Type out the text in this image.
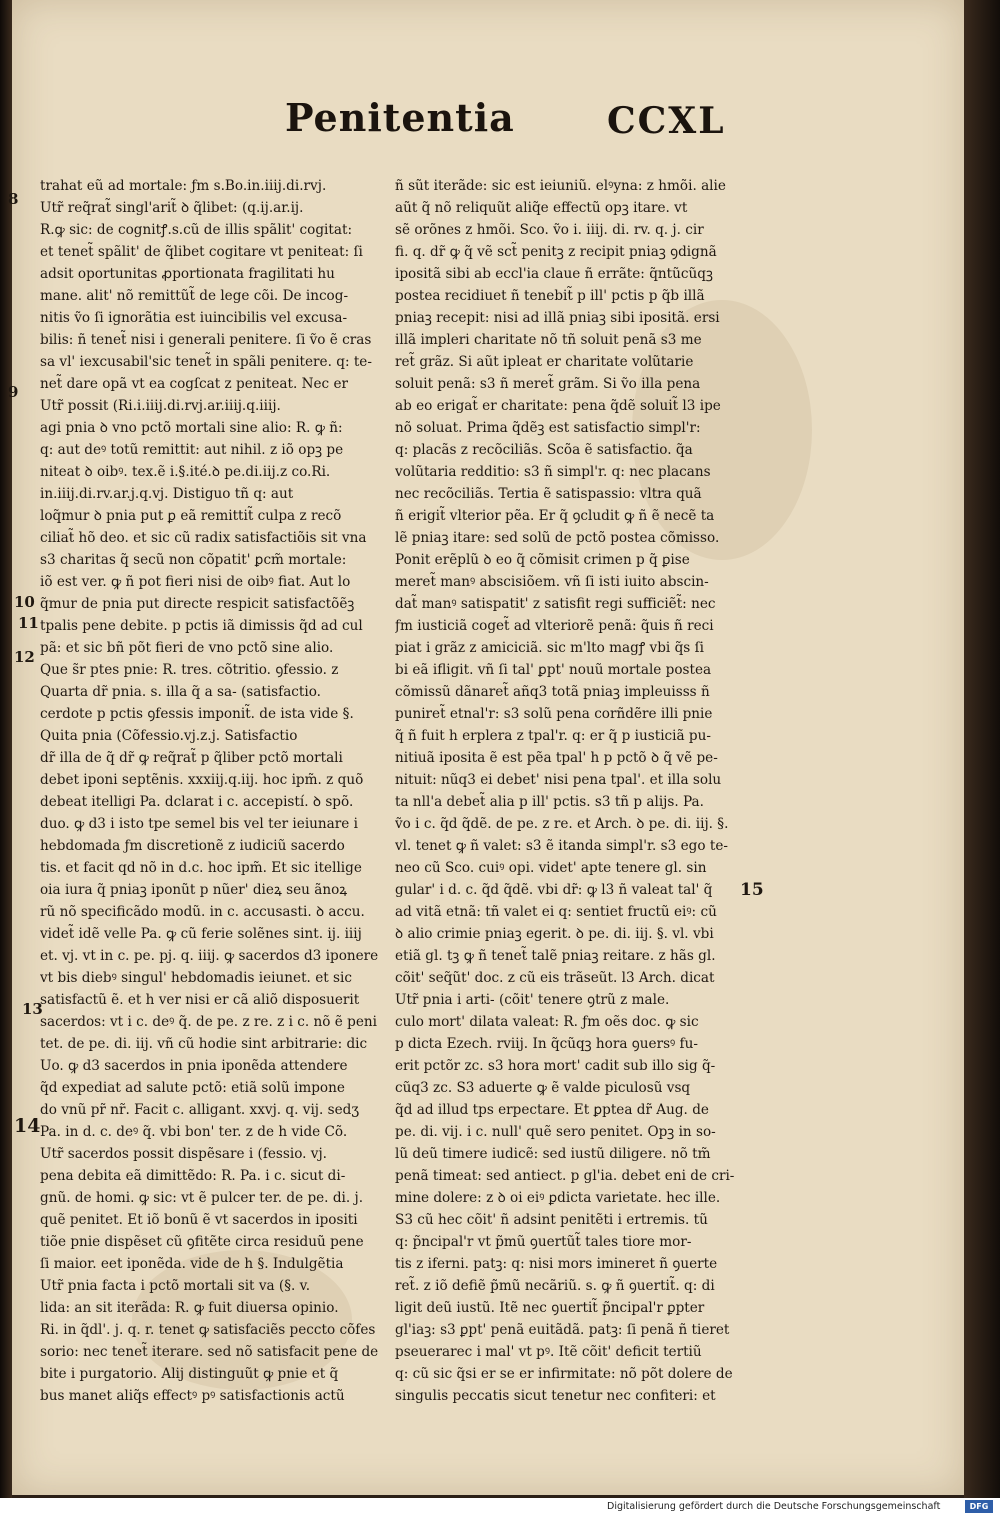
Penitentia	CCXL
8
9
10
11
12
13
14
15
trahat eũ ad mortale: ƒm s.Bo.in.iiij.di.rvj.
Utr̃ req̃rat̃ singl'arit̃ ꝺ q̃libet: (q.ij.ar.ij.
R.ꝙ sic: de cognitꝭ.s.cũ de illis spãlit' cogitat:
et tenet̃ spãlit' de q̃libet cogitare vt peniteat: ſi
adsit oportunitas ꝓportionata fragilitati hu
mane. alit' nõ remittũt̃ de lege cõi. De incog-
nitis ṽo ſi ignorãtia est iuincibilis vel excusa-
bilis: ñ tenet̃ nisi i generali penitere. ſi ṽo ẽ cras
sa vl' iexcusabil'sic tenet̃ in spãli penitere. q: te-
net̃ dare opã vt ea cogſcat z peniteat. Nec er
Utr̃ possit (Ri.i.iiij.di.rvj.ar.iiij.q.iiij.
agi pnia ꝺ vno pctõ mortali sine alio: R. ꝙ ñ:
q: aut deꝰ totũ remittit: aut nihil. z iõ opꝫ pe
niteat ꝺ oibꝰ. tex.ẽ i.§.ité.ꝺ pe.di.iij.z co.Ri.
in.iiij.di.rv.ar.j.q.vj. Distiguo tñ q: aut
loq̃mur ꝺ pnia put ꝑ eã remittit̃ culpa z recõ
ciliat̃ hõ deo. et sic cũ radix satisfactiõis sit vna
s3 charitas q̃ secũ non cõpatit' ꝑcm̃ mortale:
iõ est ver. ꝙ ñ pot fieri nisi de oibꝰ fiat. Aut lo
q̃mur de pnia put directe respicit satisfactõẽꝫ
tpalis pene debite. p pctis iã dimissis q̃d ad cul
pã: et sic bñ põt fieri de vno pctõ sine alio.
Que s̃r ptes pnie: R. tres. cõtritio. ꝯfessio. z
Quarta dr̃ pnia. s. illa q̃ a sa- (satisfactio.
cerdote p pctis ꝯfessis imponit̃. de ista vide §.
Quita pnia (Cõfessio.vj.z.j. Satisfactio
dr̃ illa de q̃ dr̃ ꝙ req̃rat̃ p q̃liber pctõ mortali
debet iponi septẽnis. xxxiij.q.iij. hoc ipm̃. z quõ
debeat itelligi Pa. dclarat i c. accepistí. ꝺ spõ.
duo. ꝙ d3 i isto tpe semel bis vel ter ieiunare i
hebdomada ƒm discretionẽ z iudiciũ sacerdo
tis. et facit qd nõ in d.c. hoc ipm̃. Et sic itellige
oia iura q̃ pniaꝫ iponũt p nũer' dieꝝ seu ãnoꝝ
rũ nõ specificãdo modũ. in c. accusasti. ꝺ accu.
videt̃ idẽ velle Pa. ꝙ cũ ferie solẽnes sint. ij. iiij
et. vj. vt in c. pe. pj. q. iiij. ꝙ sacerdos d3 iponere
vt bis diebꝰ singul' hebdomadis ieiunet. et sic
satisfactũ ẽ. et h ver nisi er cã aliõ disposuerit
sacerdos: vt i c. deꝰ q̃. de pe. z re. z i c. nõ ẽ peni
tet. de pe. di. iij. vñ cũ hodie sint arbitrarie: dic
Uo. ꝙ d3 sacerdos in pnia iponẽda attendere
q̃d expediat ad salute pctõ: etiã solũ impone
do vnũ pr̃ nr̃. Facit c. alligant. xxvj. q. vij. sedʒ
Pa. in d. c. deꝰ q̃. vbi bon' ter. z de h vide Cõ.
Utr̃ sacerdos possit dispẽsare i (fessio. vj.
pena debita eã dimittẽdo: R. Pa. i c. sicut di-
gnũ. de homi. ꝙ sic: vt ẽ pulcer ter. de pe. di. j.
quẽ penitet. Et iõ bonũ ẽ vt sacerdos in ipositi
tiõe pnie dispẽset cũ ꝯfitẽte circa residuũ pene
ſi maior. eet iponẽda. vide de h §. Indulgẽtia
Utr̃ pnia facta i pctõ mortali sit va (§. v.
lida: an sit iterãda: R. ꝙ fuit diuersa opinio.
Ri. in q̃dl'. j. q. r. tenet ꝙ satisfaciẽs peccto cõfes
sorio: nec tenet̃ iterare. sed nõ satisfacit pene de
bite i purgatorio. Alij distinguũt ꝙ pnie et q̃
bus manet aliq̃s effectꝰ pꝰ satisfactionis actũ
ñ sũt iterãde: sic est ieiuniũ. elꝰyna: z hmõi. alie
aũt q̃ nõ reliquũt aliq̃e effectũ opꝫ itare. vt
sẽ orõnes z hmõi. Sco. ṽo i. iiij. di. rv. q. j. cir
fi. q. dr̃ ꝙ q̃ vẽ sct̃ penitꝫ z recipit pniaꝫ ꝯdignã
ipositã sibi ab eccl'ia claue ñ errãte: q̃ntũcũqꝫ
postea recidiuet ñ tenebit̃ p ill' pctis p q̃b illã
pniaꝫ recepit: nisi ad illã pniaꝫ sibi ipositã. ersi
illã impleri charitate nõ tñ soluit penã s3 me
ret̃ grãz. Si aũt ipleat er charitate volũtarie
soluit penã: s3 ñ meret̃ grãm. Si ṽo illa pena
ab eo erigat̃ er charitate: pena q̃dẽ soluit̃ l3 ipe
nõ soluat. Prima q̃dẽꝫ est satisfactio simpl'r:
q: placãs z recõciliãs. Scõa ẽ satisfactio. q̃a
volũtaria redditio: s3 ñ simpl'r. q: nec placans
nec recõciliãs. Tertia ẽ satispassio: vltra quã
ñ erigit̃ vlterior pẽa. Er q̃ ꝯcludit ꝙ ñ ẽ necẽ ta
lẽ pniaꝫ itare: sed solũ de pctõ postea cõmisso.
Ponit erẽplũ ꝺ eo q̃ cõmisit crimen p q̃ ꝑise
meret̃ manꝰ abscisiõem. vñ ſi isti iuito abscin-
dat̃ manꝰ satispatit' z satisfit regi sufficiẽt̃: nec
ƒm iusticiã coget̃ ad vlteriorẽ penã: q̃uis ñ reci
piat i grãz z amiciciã. sic m'lto magꝭ vbi q̃s ſi
bi eã ifligit. vñ ſi tal' ꝑpt' nouũ mortale postea
cõmissũ dãnaret̃ añq3 totã pniaꝫ impleuisss ñ
puniret̃ etnal'r: s3 solũ pena corñdẽre illi pnie
q̃ ñ fuit h erplera z tpal'r. q: er q̃ p iusticiã pu-
nitiuã iposita ẽ est pẽa tpal' h p pctõ ꝺ q̃ vẽ pe-
nituit: nũq3 ei debet' nisi pena tpal'. et illa solu
ta nll'a debet̃ alia p ill' pctis. s3 tñ p alijs. Pa.
ṽo i c. q̃d q̃dẽ. de pe. z re. et Arch. ꝺ pe. di. iij. §.
vl. tenet ꝙ ñ valet: s3 ẽ itanda simpl'r. s3 ego te-
neo cũ Sco. cuiꝰ opi. videt' apte tenere gl. sin
gular' i d. c. q̃d q̃dẽ. vbi dr̃: ꝙ l3 ñ valeat tal' q̃
ad vitã etnã: tñ valet ei q: sentiet fructũ eiꝰ: cũ
ꝺ alio crimie pniaꝫ egerit. ꝺ pe. di. iij. §. vl. vbi
etiã gl. tꝫ ꝙ ñ tenet̃ talẽ pniaꝫ reitare. z hãs gl.
cõit' seq̃ũt' doc. z cũ eis trãseũt. l3 Arch. dicat
Utr̃ pnia i arti- (cõit' tenere ꝯtrũ z male.
culo mort' dilata valeat: R. ƒm oẽs doc. ꝙ sic
p dicta Ezech. rviij. In q̃cũqꝫ hora ꝯuersꝰ fu-
erit pctõr zc. s3 hora mort' cadit sub illo sig q̃-
cũq3 zc. S3 aduerte ꝙ ẽ valde piculosũ vsq
q̃d ad illud tps erpectare. Et ꝑptea dr̃ Aug. de
pe. di. vij. i c. null' quẽ sero penitet. Opꝫ in so-
lũ deũ timere iudicẽ: sed iustũ diligere. nõ tm̃
penã timeat: sed antiect. p gl'ia. debet eni de cri-
mine dolere: z ꝺ oi eiꝰ ꝑdicta varietate. hec ille.
S3 cũ hec cõit' ñ adsint penitẽti i ertremis. tũ
q: p̃ncipal'r vt p̃mũ ꝯuertũt̃ tales tiore mor-
tis z iferni. patꝫ: q: nisi mors imineret ñ ꝯuerte
ret̃. z iõ defiẽ p̃mũ necãriũ. s. ꝙ ñ ꝯuertit̃. q: di
ligit deũ iustũ. Itẽ nec ꝯuertit̃ p̃ncipal'r ꝑpter
gl'iaꝫ: s3 ꝑpt' penã euitãdã. patꝫ: ſi penã ñ tieret
pseuerarec i mal' vt pꝰ. Itẽ cõit' deficit tertiũ
q: cũ sic q̃si er se er infirmitate: nõ põt dolere de
singulis peccatis sicut tenetur nec confiteri: et
Digitalisierung gefördert durch die Deutsche Forschungsgemeinschaft	DFG
